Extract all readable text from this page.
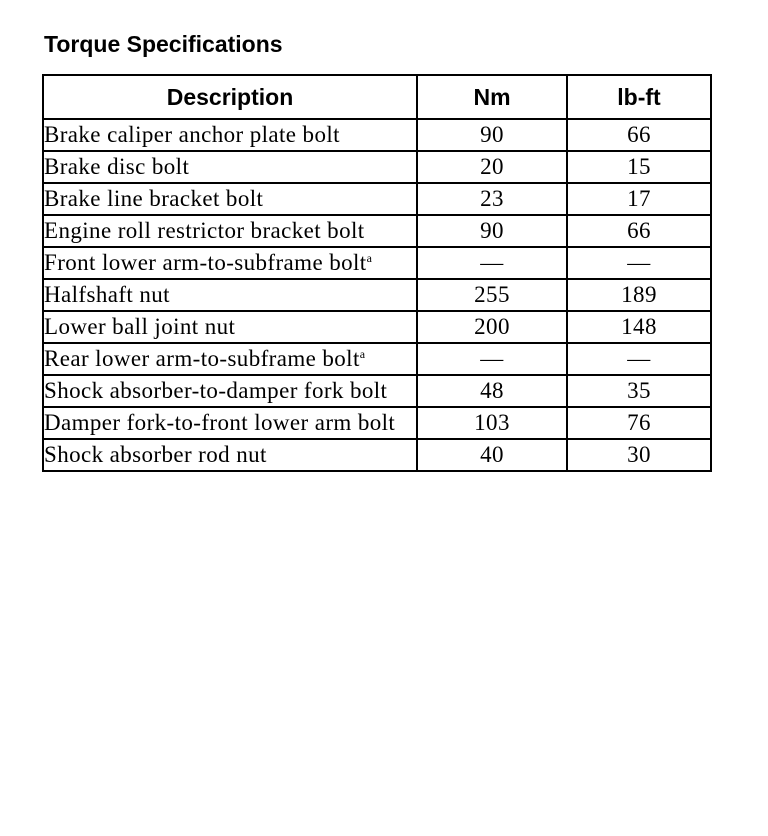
Torque Specifications
Description	Nm	lb-ft
Brake caliper anchor plate bolt	90	66
Brake disc bolt	20	15
Brake line bracket bolt	23	17
Engine roll restrictor bracket bolt	90	66
Front lower arm-to-subframe bolt$^a$	—	—
Halfshaft nut	255	189
Lower ball joint nut	200	148
Rear lower arm-to-subframe bolt$^a$	—	—
Shock absorber-to-damper fork bolt	48	35
Damper fork-to-front lower arm bolt	103	76
Shock absorber rod nut	40	30
